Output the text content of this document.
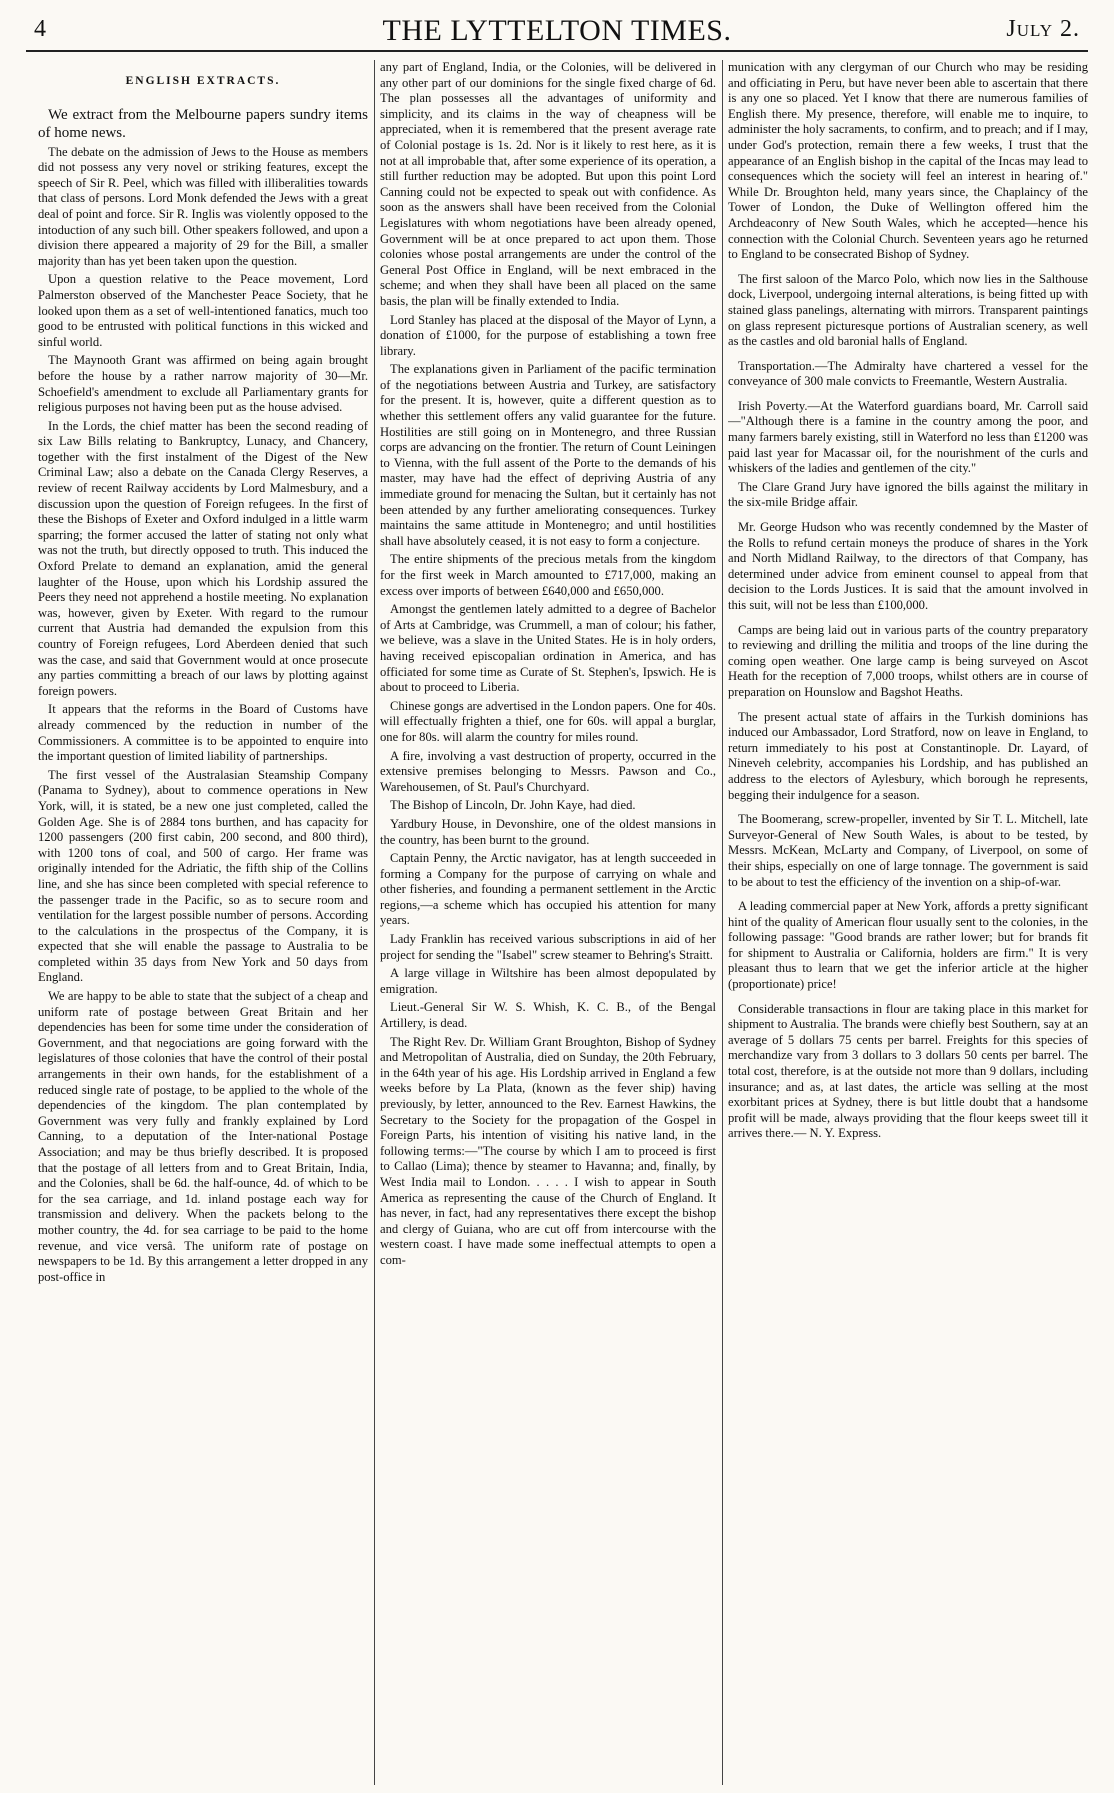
4	THE LYTTELTON TIMES.	July 2.
ENGLISH EXTRACTS.

We extract from the Melbourne papers sundry items of home news.

The debate on the admission of Jews to the House as members did not possess any very novel or striking features, except the speech of Sir R. Peel, which was filled with illiberalities towards that class of persons. Lord Monk defended the Jews with a great deal of point and force. Sir R. Inglis was violently opposed to the intoduction of any such bill. Other speakers followed, and upon a division there appeared a majority of 29 for the Bill, a smaller majority than has yet been taken upon the question.

Upon a question relative to the Peace movement, Lord Palmerston observed of the Manchester Peace Society, that he looked upon them as a set of well-intentioned fanatics, much too good to be entrusted with political functions in this wicked and sinful world.

The Maynooth Grant was affirmed on being again brought before the house by a rather narrow majority of 30—Mr. Schoefield's amendment to exclude all Parliamentary grants for religious purposes not having been put as the house advised.

In the Lords, the chief matter has been the second reading of six Law Bills relating to Bankruptcy, Lunacy, and Chancery, together with the first instalment of the Digest of the New Criminal Law; also a debate on the Canada Clergy Reserves, a review of recent Railway accidents by Lord Malmesbury, and a discussion upon the question of Foreign refugees. In the first of these the Bishops of Exeter and Oxford indulged in a little warm sparring; the former accused the latter of stating not only what was not the truth, but directly opposed to truth. This induced the Oxford Prelate to demand an explanation, amid the general laughter of the House, upon which his Lordship assured the Peers they need not apprehend a hostile meeting. No explanation was, however, given by Exeter. With regard to the rumour current that Austria had demanded the expulsion from this country of Foreign refugees, Lord Aberdeen denied that such was the case, and said that Government would at once prosecute any parties committing a breach of our laws by plotting against foreign powers.

It appears that the reforms in the Board of Customs have already commenced by the reduction in number of the Commissioners. A committee is to be appointed to enquire into the important question of limited liability of partnerships.

The first vessel of the Australasian Steamship Company (Panama to Sydney), about to commence operations in New York, will, it is stated, be a new one just completed, called the Golden Age. She is of 2884 tons burthen, and has capacity for 1200 passengers (200 first cabin, 200 second, and 800 third), with 1200 tons of coal, and 500 of cargo. Her frame was originally intended for the Adriatic, the fifth ship of the Collins line, and she has since been completed with special reference to the passenger trade in the Pacific, so as to secure room and ventilation for the largest possible number of persons. According to the calculations in the prospectus of the Company, it is expected that she will enable the passage to Australia to be completed within 35 days from New York and 50 days from England.

We are happy to be able to state that the subject of a cheap and uniform rate of postage between Great Britain and her dependencies has been for some time under the consideration of Government, and that negociations are going forward with the legislatures of those colonies that have the control of their postal arrangements in their own hands, for the establishment of a reduced single rate of postage, to be applied to the whole of the dependencies of the kingdom. The plan contemplated by Government was very fully and frankly explained by Lord Canning, to a deputation of the Inter-national Postage Association; and may be thus briefly described. It is proposed that the postage of all letters from and to Great Britain, India, and the Colonies, shall be 6d. the half-ounce, 4d. of which to be for the sea carriage, and 1d. inland postage each way for transmission and delivery. When the packets belong to the mother country, the 4d. for sea carriage to be paid to the home revenue, and vice versâ. The uniform rate of postage on newspapers to be 1d. By this arrangement a letter dropped in any post-office in

any part of England, India, or the Colonies, will be delivered in any other part of our dominions for the single fixed charge of 6d. The plan possesses all the advantages of uniformity and simplicity, and its claims in the way of cheapness will be appreciated, when it is remembered that the present average rate of Colonial postage is 1s. 2d. Nor is it likely to rest here, as it is not at all improbable that, after some experience of its operation, a still further reduction may be adopted. But upon this point Lord Canning could not be expected to speak out with confidence. As soon as the answers shall have been received from the Colonial Legislatures with whom negotiations have been already opened, Government will be at once prepared to act upon them. Those colonies whose postal arrangements are under the control of the General Post Office in England, will be next embraced in the scheme; and when they shall have been all placed on the same basis, the plan will be finally extended to India.

Lord Stanley has placed at the disposal of the Mayor of Lynn, a donation of £1000, for the purpose of establishing a town free library.

The explanations given in Parliament of the pacific termination of the negotiations between Austria and Turkey, are satisfactory for the present. It is, however, quite a different question as to whether this settlement offers any valid guarantee for the future. Hostilities are still going on in Montenegro, and three Russian corps are advancing on the frontier. The return of Count Leiningen to Vienna, with the full assent of the Porte to the demands of his master, may have had the effect of depriving Austria of any immediate ground for menacing the Sultan, but it certainly has not been attended by any further ameliorating consequences. Turkey maintains the same attitude in Montenegro; and until hostilities shall have absolutely ceased, it is not easy to form a conjecture.

The entire shipments of the precious metals from the kingdom for the first week in March amounted to £717,000, making an excess over imports of between £640,000 and £650,000.

Amongst the gentlemen lately admitted to a degree of Bachelor of Arts at Cambridge, was Crummell, a man of colour; his father, we believe, was a slave in the United States. He is in holy orders, having received episcopalian ordination in America, and has officiated for some time as Curate of St. Stephen's, Ipswich. He is about to proceed to Liberia.

Chinese gongs are advertised in the London papers. One for 40s. will effectually frighten a thief, one for 60s. will appal a burglar, one for 80s. will alarm the country for miles round.

A fire, involving a vast destruction of property, occurred in the extensive premises belonging to Messrs. Pawson and Co., Warehousemen, of St. Paul's Churchyard.

The Bishop of Lincoln, Dr. John Kaye, had died.

Yardbury House, in Devonshire, one of the oldest mansions in the country, has been burnt to the ground.

Captain Penny, the Arctic navigator, has at length succeeded in forming a Company for the purpose of carrying on whale and other fisheries, and founding a permanent settlement in the Arctic regions,—a scheme which has occupied his attention for many years.

Lady Franklin has received various subscriptions in aid of her project for sending the "Isabel" screw steamer to Behring's Straitt.

A large village in Wiltshire has been almost depopulated by emigration.

Lieut.-General Sir W. S. Whish, K. C. B., of the Bengal Artillery, is dead.

The Right Rev. Dr. William Grant Broughton, Bishop of Sydney and Metropolitan of Australia, died on Sunday, the 20th February, in the 64th year of his age. His Lordship arrived in England a few weeks before by La Plata, (known as the fever ship) having previously, by letter, announced to the Rev. Earnest Hawkins, the Secretary to the Society for the propagation of the Gospel in Foreign Parts, his intention of visiting his native land, in the following terms:—"The course by which I am to proceed is first to Callao (Lima); thence by steamer to Havanna; and, finally, by West India mail to London. . . . . I wish to appear in South America as representing the cause of the Church of England. It has never, in fact, had any representatives there except the bishop and clergy of Guiana, who are cut off from intercourse with the western coast. I have made some ineffectual attempts to open a com-

munication with any clergyman of our Church who may be residing and officiating in Peru, but have never been able to ascertain that there is any one so placed. Yet I know that there are numerous families of English there. My presence, therefore, will enable me to inquire, to administer the holy sacraments, to confirm, and to preach; and if I may, under God's protection, remain there a few weeks, I trust that the appearance of an English bishop in the capital of the Incas may lead to consequences which the society will feel an interest in hearing of." While Dr. Broughton held, many years since, the Chaplaincy of the Tower of London, the Duke of Wellington offered him the Archdeaconry of New South Wales, which he accepted—hence his connection with the Colonial Church. Seventeen years ago he returned to England to be consecrated Bishop of Sydney.

The first saloon of the Marco Polo, which now lies in the Salthouse dock, Liverpool, undergoing internal alterations, is being fitted up with stained glass panelings, alternating with mirrors. Transparent paintings on glass represent picturesque portions of Australian scenery, as well as the castles and old baronial halls of England.

Transportation.—The Admiralty have chartered a vessel for the conveyance of 300 male convicts to Freemantle, Western Australia.

Irish Poverty.—At the Waterford guardians board, Mr. Carroll said—"Although there is a famine in the country among the poor, and many farmers barely existing, still in Waterford no less than £1200 was paid last year for Macassar oil, for the nourishment of the curls and whiskers of the ladies and gentlemen of the city."

The Clare Grand Jury have ignored the bills against the military in the six-mile Bridge affair.

Mr. George Hudson who was recently condemned by the Master of the Rolls to refund certain moneys the produce of shares in the York and North Midland Railway, to the directors of that Company, has determined under advice from eminent counsel to appeal from that decision to the Lords Justices. It is said that the amount involved in this suit, will not be less than £100,000.

Camps are being laid out in various parts of the country preparatory to reviewing and drilling the militia and troops of the line during the coming open weather. One large camp is being surveyed on Ascot Heath for the reception of 7,000 troops, whilst others are in course of preparation on Hounslow and Bagshot Heaths.

The present actual state of affairs in the Turkish dominions has induced our Ambassador, Lord Stratford, now on leave in England, to return immediately to his post at Constantinople. Dr. Layard, of Nineveh celebrity, accompanies his Lordship, and has published an address to the electors of Aylesbury, which borough he represents, begging their indulgence for a season.

The Boomerang, screw-propeller, invented by Sir T. L. Mitchell, late Surveyor-General of New South Wales, is about to be tested, by Messrs. McKean, McLarty and Company, of Liverpool, on some of their ships, especially on one of large tonnage. The government is said to be about to test the efficiency of the invention on a ship-of-war.

A leading commercial paper at New York, affords a pretty significant hint of the quality of American flour usually sent to the colonies, in the following passage: "Good brands are rather lower; but for brands fit for shipment to Australia or California, holders are firm." It is very pleasant thus to learn that we get the inferior article at the higher (proportionate) price!

Considerable transactions in flour are taking place in this market for shipment to Australia. The brands were chiefly best Southern, say at an average of 5 dollars 75 cents per barrel. Freights for this species of merchandize vary from 3 dollars to 3 dollars 50 cents per barrel. The total cost, therefore, is at the outside not more than 9 dollars, including insurance; and as, at last dates, the article was selling at the most exorbitant prices at Sydney, there is but little doubt that a handsome profit will be made, always providing that the flour keeps sweet till it arrives there.— N. Y. Express.
